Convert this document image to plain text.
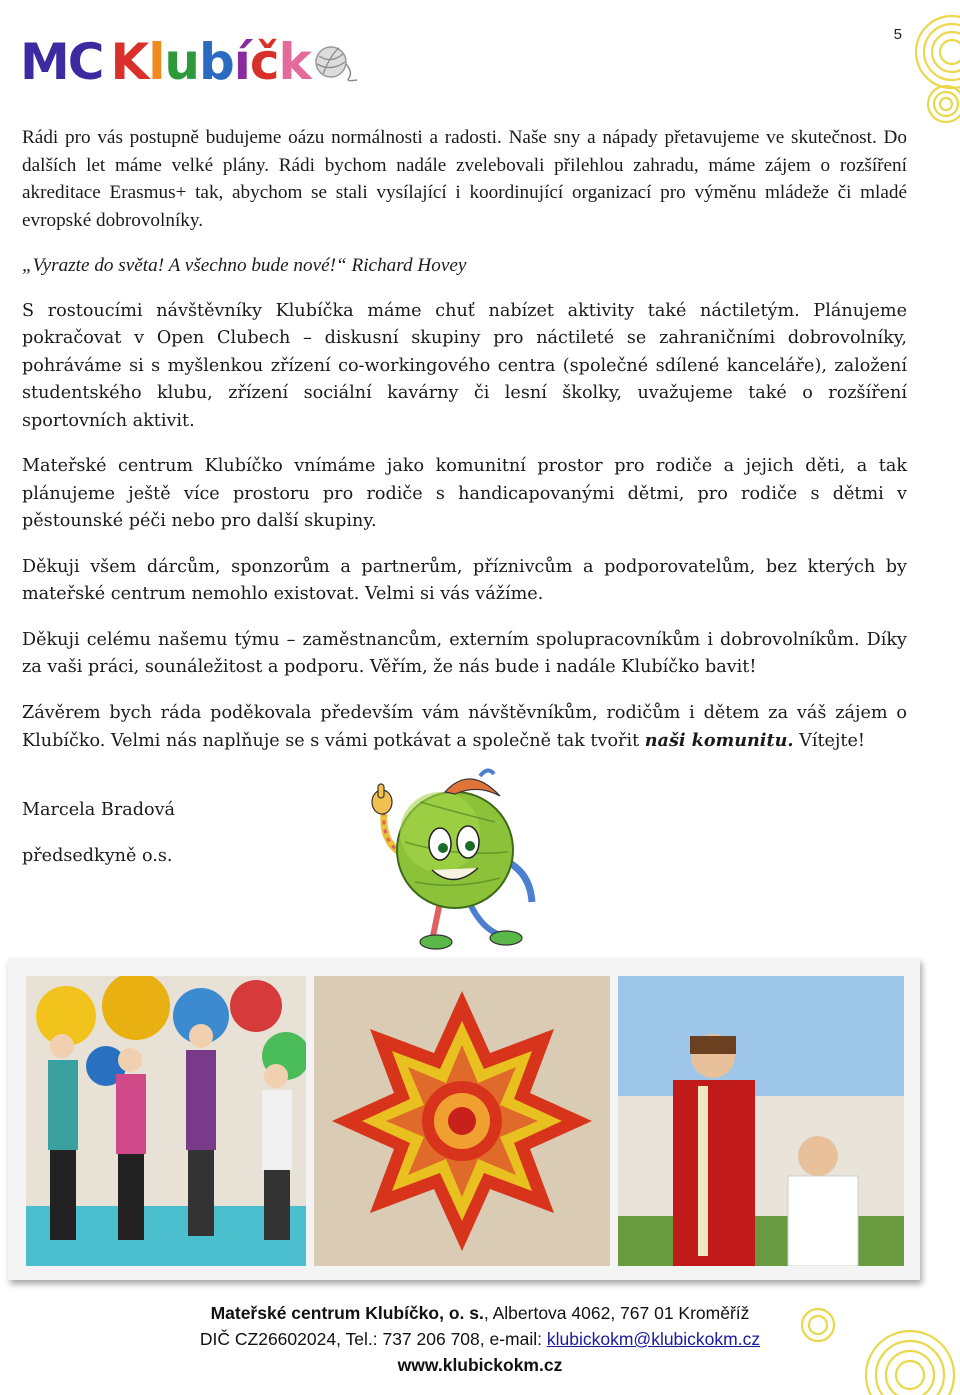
MC Klubíčk	5

Rádi pro vás postupně budujeme oázu normálnosti a radosti. Naše sny a nápady přetavujeme ve skutečnost. Do dalších let máme velké plány. Rádi bychom nadále zvelebovali přilehlou zahradu, máme zájem o rozšíření akreditace Erasmus+ tak, abychom se stali vysílající i koordinující organizací pro výměnu mládeže či mladé evropské dobrovolníky.

„Vyrazte do světa! A všechno bude nové!“ Richard Hovey

S rostoucími návštěvníky Klubíčka máme chuť nabízet aktivity také náctiletým. Plánujeme pokračovat v Open Clubech – diskusní skupiny pro náctileté se zahraničními dobrovolníky, pohráváme si s myšlenkou zřízení co-workingového centra (společné sdílené kanceláře), založení studentského klubu, zřízení sociální kavárny či lesní školky, uvažujeme také o rozšíření sportovních aktivit.

Mateřské centrum Klubíčko vnímáme jako komunitní prostor pro rodiče a jejich děti, a tak plánujeme ještě více prostoru pro rodiče s handicapovanými dětmi, pro rodiče s dětmi v pěstounské péči nebo pro další skupiny.

Děkuji všem dárcům, sponzorům a partnerům, příznivcům a podporovatelům, bez kterých by mateřské centrum nemohlo existovat. Velmi si vás vážíme.

Děkuji celému našemu týmu – zaměstnancům, externím spolupracovníkům i dobrovolníkům. Díky za vaši práci, sounáležitost a podporu. Věřím, že nás bude i nadále Klubíčko bavit!

Závěrem bych ráda poděkovala především vám návštěvníkům, rodičům i dětem za váš zájem o Klubíčko. Velmi nás naplňuje se s vámi potkávat a společně tak tvořit naši komunitu. Vítejte!

Marcela Bradová
předsedkyně o.s.
Mateřské centrum Klubíčko, o. s., Albertova 4062, 767 01 Kroměříž
DIČ CZ26602024, Tel.: 737 206 708, e-mail: klubickokm@klubickokm.cz
www.klubickokm.cz
